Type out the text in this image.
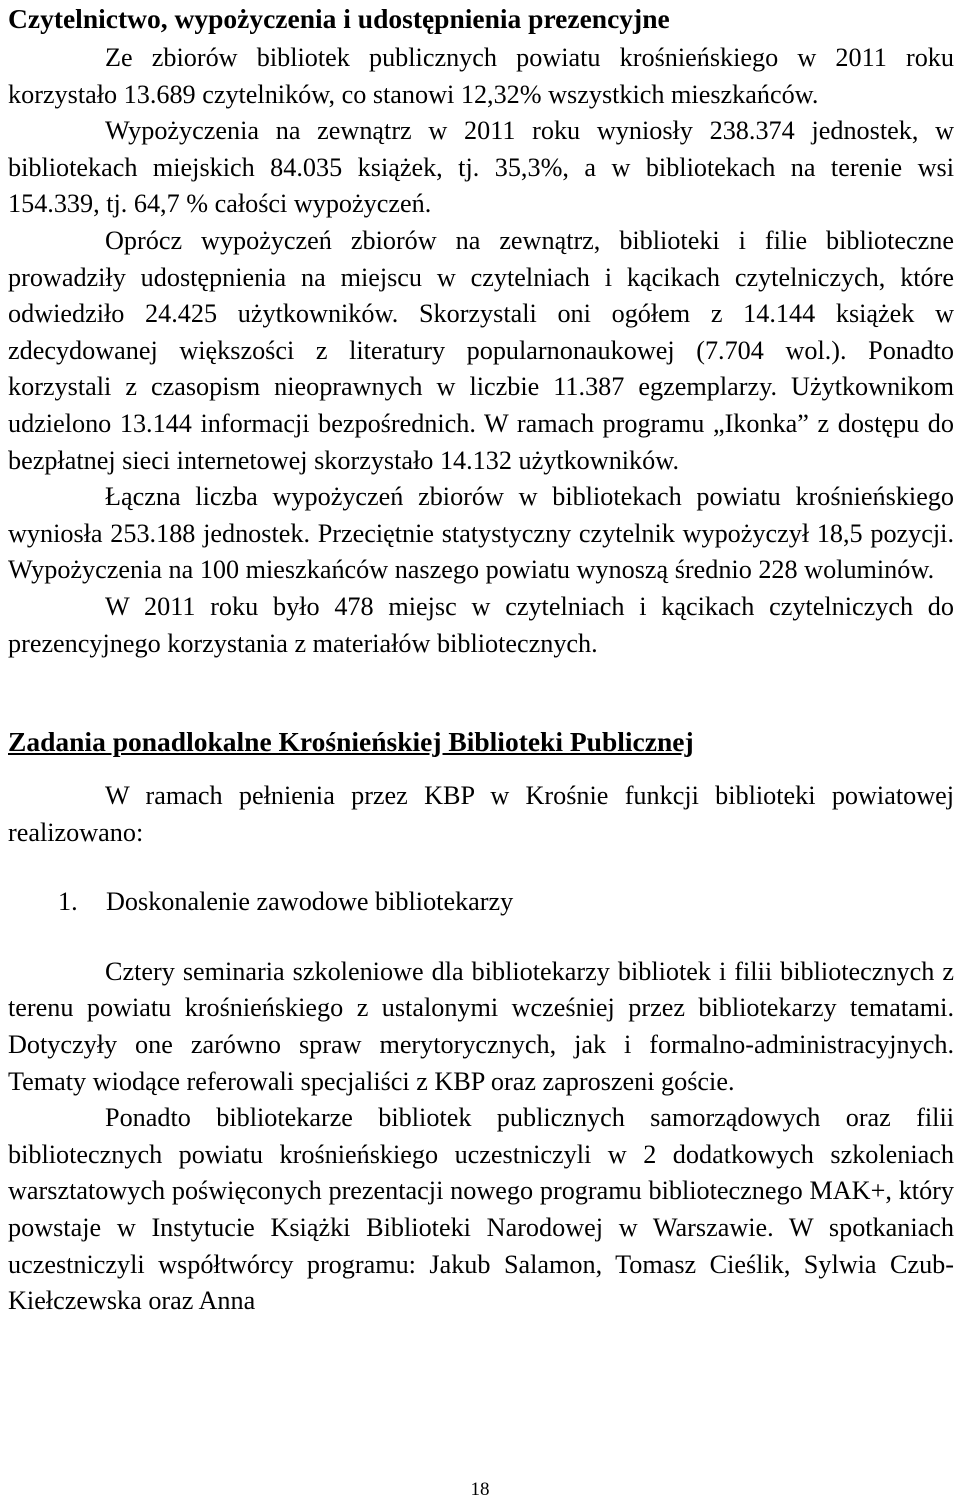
Czytelnictwo, wypożyczenia i udostępnienia prezencyjne

Ze zbiorów bibliotek publicznych powiatu krośnieńskiego w 2011 roku korzystało 13.689 czytelników, co stanowi 12,32% wszystkich mieszkańców.

Wypożyczenia na zewnątrz w 2011 roku wyniosły 238.374 jednostek, w bibliotekach miejskich 84.035 książek, tj. 35,3%, a w bibliotekach na terenie wsi 154.339, tj. 64,7 % całości wypożyczeń.

Oprócz wypożyczeń zbiorów na zewnątrz, biblioteki i filie biblioteczne prowadziły udostępnienia na miejscu w czytelniach i kącikach czytelniczych, które odwiedziło 24.425 użytkowników. Skorzystali oni ogółem z 14.144 książek w zdecydowanej większości z literatury popularnonaukowej (7.704 wol.). Ponadto korzystali z czasopism nieoprawnych w liczbie 11.387 egzemplarzy. Użytkownikom udzielono 13.144 informacji bezpośrednich. W ramach programu „Ikonka” z dostępu do bezpłatnej sieci internetowej skorzystało 14.132 użytkowników.

Łączna liczba wypożyczeń zbiorów w bibliotekach powiatu krośnieńskiego wyniosła 253.188 jednostek. Przeciętnie statystyczny czytelnik wypożyczył 18,5 pozycji. Wypożyczenia na 100 mieszkańców naszego powiatu wynoszą średnio 228 woluminów.

W 2011 roku było 478 miejsc w czytelniach i kącikach czytelniczych do prezencyjnego korzystania z materiałów bibliotecznych.

Zadania ponadlokalne Krośnieńskiej Biblioteki Publicznej

W ramach pełnienia przez KBP w Krośnie funkcji biblioteki powiatowej realizowano:

1. Doskonalenie zawodowe bibliotekarzy

Cztery seminaria szkoleniowe dla bibliotekarzy bibliotek i filii bibliotecznych z terenu powiatu krośnieńskiego z ustalonymi wcześniej przez bibliotekarzy tematami. Dotyczyły one zarówno spraw merytorycznych, jak i formalno-administracyjnych. Tematy wiodące referowali specjaliści z KBP oraz zaproszeni goście.

Ponadto bibliotekarze bibliotek publicznych samorządowych oraz filii bibliotecznych powiatu krośnieńskiego uczestniczyli w 2 dodatkowych szkoleniach warsztatowych poświęconych prezentacji nowego programu bibliotecznego MAK+, który powstaje w Instytucie Książki Biblioteki Narodowej w Warszawie. W spotkaniach uczestniczyli współtwórcy programu: Jakub Salamon, Tomasz Cieślik, Sylwia Czub-Kiełczewska oraz Anna

18
